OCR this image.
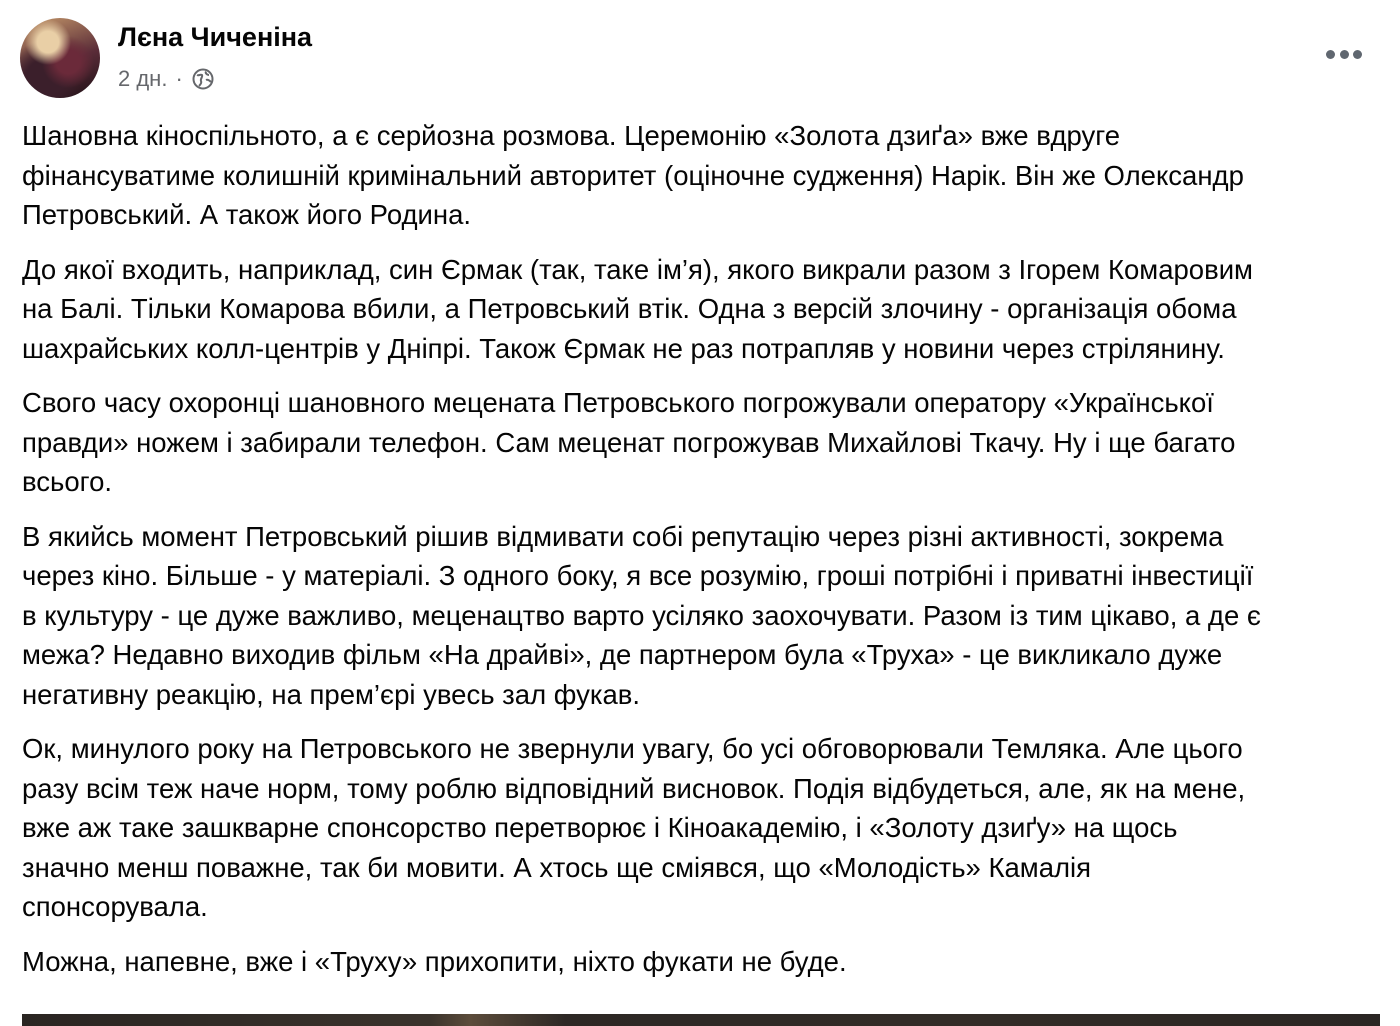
Лєна Чиченіна
2 дн. ·

Шановна кіноспільното, а є серйозна розмова. Церемонію «Золота дзиґа» вже вдруге
фінансуватиме колишній кримінальний авторитет (оціночне судження) Нарік. Він же Олександр
Петровський. А також його Родина.

До якої входить, наприклад, син Єрмак (так, таке ім’я), якого викрали разом з Ігорем Комаровим
на Балі. Тільки Комарова вбили, а Петровський втік. Одна з версій злочину - організація обома
шахрайських колл-центрів у Дніпрі. Також Єрмак не раз потрапляв у новини через стрілянину.

Свого часу охоронці шановного мецената Петровського погрожували оператору «Української
правди» ножем і забирали телефон. Сам меценат погрожував Михайлові Ткачу. Ну і ще багато
всього.

В якийсь момент Петровський рішив відмивати собі репутацію через різні активності, зокрема
через кіно. Більше - у матеріалі. З одного боку, я все розумію, гроші потрібні і приватні інвестиції
в культуру - це дуже важливо, меценацтво варто усіляко заохочувати. Разом із тим цікаво, а де є
межа? Недавно виходив фільм «На драйві», де партнером була «Труха» - це викликало дуже
негативну реакцію, на прем’єрі увесь зал фукав.

Ок, минулого року на Петровського не звернули увагу, бо усі обговорювали Темляка. Але цього
разу всім теж наче норм, тому роблю відповідний висновок. Подія відбудеться, але, як на мене,
вже аж таке зашкварне спонсорство перетворює і Кіноакадемію, і «Золоту дзиґу» на щось
значно менш поважне, так би мовити. А хтось ще сміявся, що «Молодість» Камалія
спонсорувала.

Можна, напевне, вже і «Труху» прихопити, ніхто фукати не буде.
